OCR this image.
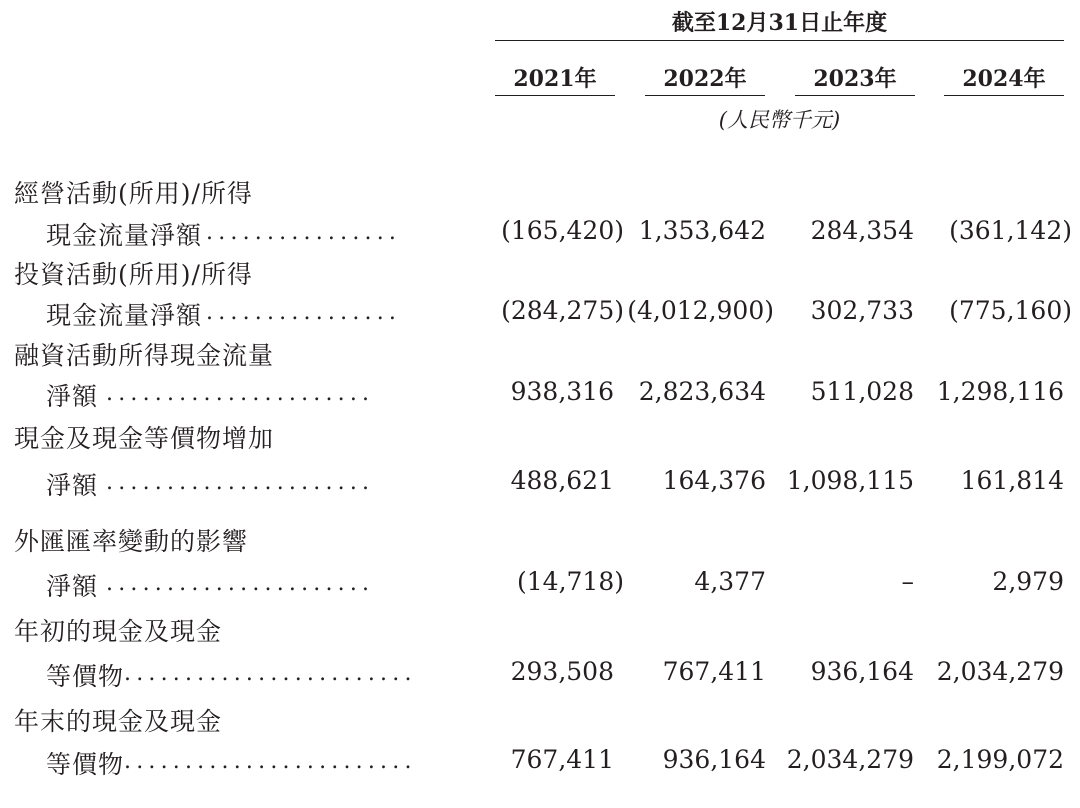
截至12月31日止年度
2021年	2022年	2023年	2024年
(人民幣千元)
經營活動(所用)/所得
現金流量淨額 ................	(165,420) 1,353,642 284,354 (361,142)
投資活動(所用)/所得
現金流量淨額 ................	(284,275) (4,012,900) 302,733 (775,160)
融資活動所得現金流量
淨額 ......................	938,316 2,823,634 511,028 1,298,116
現金及現金等價物增加
淨額 ......................	488,621 164,376 1,098,115 161,814
外匯匯率變動的影響
淨額 ......................	(14,718)	4,377	–	2,979
年初的現金及現金
等價物 ........................	293,508 767,411 936,164 2,034,279
年末的現金及現金
等價物 ........................	767,411 936,164 2,034,279 2,199,072
